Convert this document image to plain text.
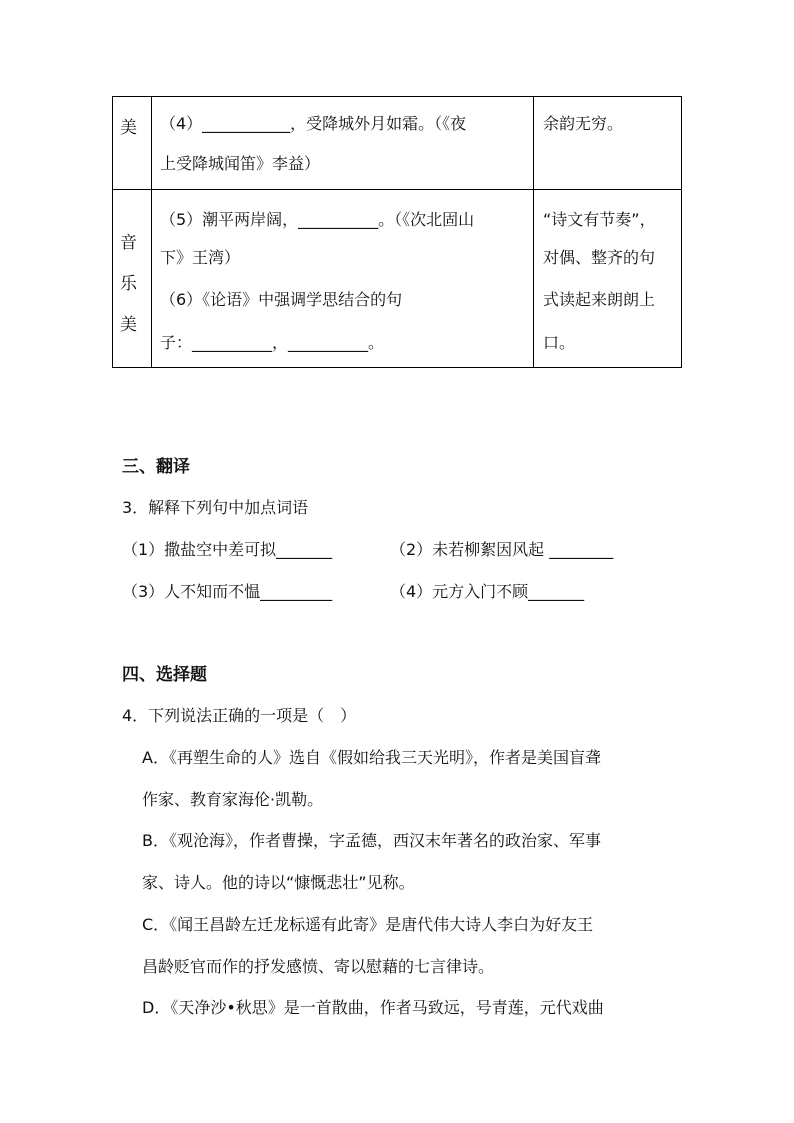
美 （4）___________，受降城外月如霜。（《夜
上受降城闻笛》李益）
余韵无穷。
音
乐
美
（5）潮平两岸阔，__________。（《次北固山
下》王湾）
（6）《论语》中强调学思结合的句
子：__________，__________。
“诗文有节奏”，
对偶、整齐的句
式读起来朗朗上
口。
三、翻译
3．解释下列句中加点词语
（1）撒盐空中差可拟_______	（2）未若柳絮因风起 ________
（3）人不知而不愠_________	（4）元方入门不顾_______
四、选择题
4．下列说法正确的一项是（　）
A．《再塑生命的人》选自《假如给我三天光明》，作者是美国盲聋
作家、教育家海伦·凯勒。
B．《观沧海》，作者曹操，字孟德，西汉末年著名的政治家、军事
家、诗人。他的诗以“慷慨悲壮”见称。
C．《闻王昌龄左迁龙标遥有此寄》是唐代伟大诗人李白为好友王
昌龄贬官而作的抒发感愤、寄以慰藉的七言律诗。
D．《天净沙•秋思》是一首散曲，作者马致远，号青莲，元代戏曲
